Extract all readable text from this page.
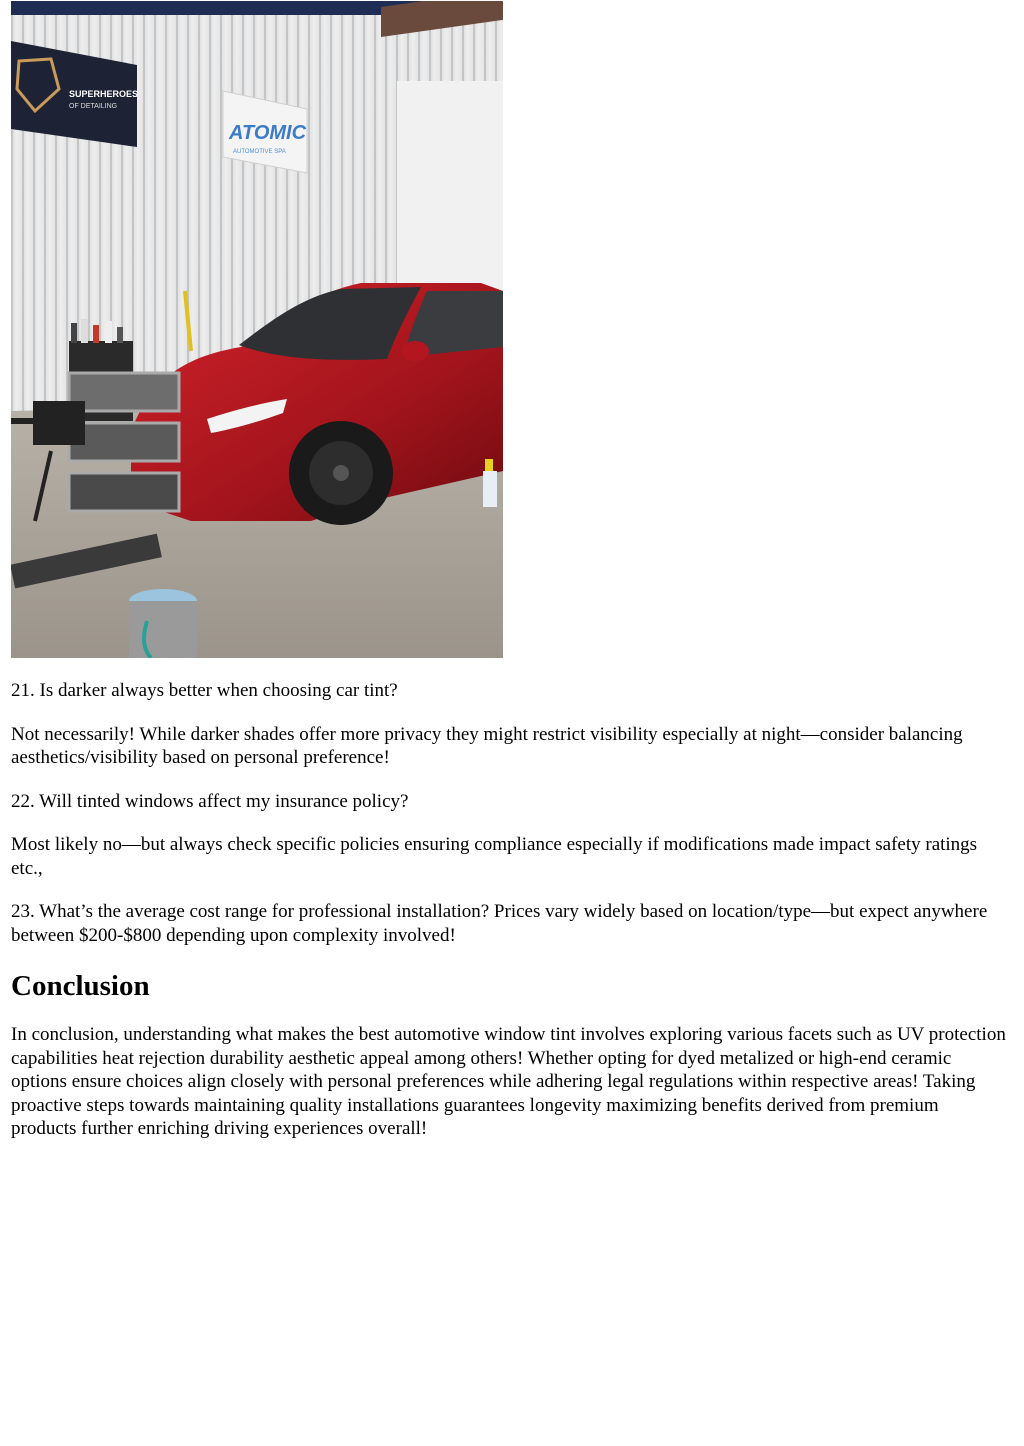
SUPERHEROES
OF DETAILING
ATOMIC
AUTOMOTIVE SPA

21. Is darker always better when choosing car tint?

Not necessarily! While darker shades offer more privacy they might restrict visibility especially at night—consider balancing aesthetics/visibility based on personal preference!

22. Will tinted windows affect my insurance policy?

Most likely no—but always check specific policies ensuring compliance especially if modifications made impact safety ratings etc.,

23. What’s the average cost range for professional installation? Prices vary widely based on location/type—but expect anywhere between $200-$800 depending upon complexity involved!

Conclusion

In conclusion, understanding what makes the best automotive window tint involves exploring various facets such as UV protection capabilities heat rejection durability aesthetic appeal among others! Whether opting for dyed metalized or high-end ceramic options ensure choices align closely with personal preferences while adhering legal regulations within respective areas! Taking proactive steps towards maintaining quality installations guarantees longevity maximizing benefits derived from premium products further enriching driving experiences overall!
